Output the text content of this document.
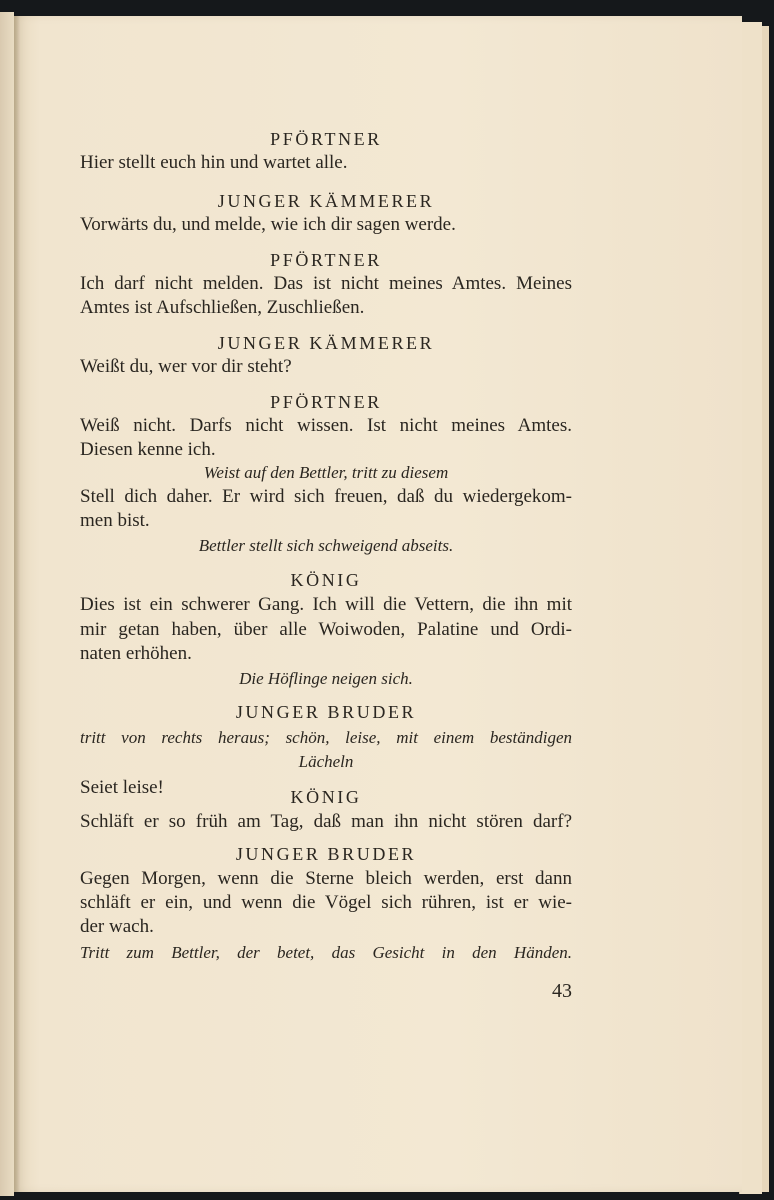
PFÖRTNER
Hier stellt euch hin und wartet alle.
JUNGER KÄMMERER
Vorwärts du, und melde, wie ich dir sagen werde.
PFÖRTNER
Ich darf nicht melden. Das ist nicht meines Amtes. Meines
Amtes ist Aufschließen, Zuschließen.
JUNGER KÄMMERER
Weißt du, wer vor dir steht?
PFÖRTNER
Weiß nicht. Darfs nicht wissen. Ist nicht meines Amtes.
Diesen kenne ich.
Weist auf den Bettler, tritt zu diesem
Stell dich daher. Er wird sich freuen, daß du wiedergekom-
men bist.
Bettler stellt sich schweigend abseits.
KÖNIG
Dies ist ein schwerer Gang. Ich will die Vettern, die ihn mit
mir getan haben, über alle Woiwoden, Palatine und Ordi-
naten erhöhen.
Die Höflinge neigen sich.
JUNGER BRUDER
tritt von rechts heraus; schön, leise, mit einem beständigen
Lächeln
Seiet leise!	KÖNIG
Schläft er so früh am Tag, daß man ihn nicht stören darf?
JUNGER BRUDER
Gegen Morgen, wenn die Sterne bleich werden, erst dann
schläft er ein, und wenn die Vögel sich rühren, ist er wie-
der wach.
Tritt zum Bettler, der betet, das Gesicht in den Händen.
43
